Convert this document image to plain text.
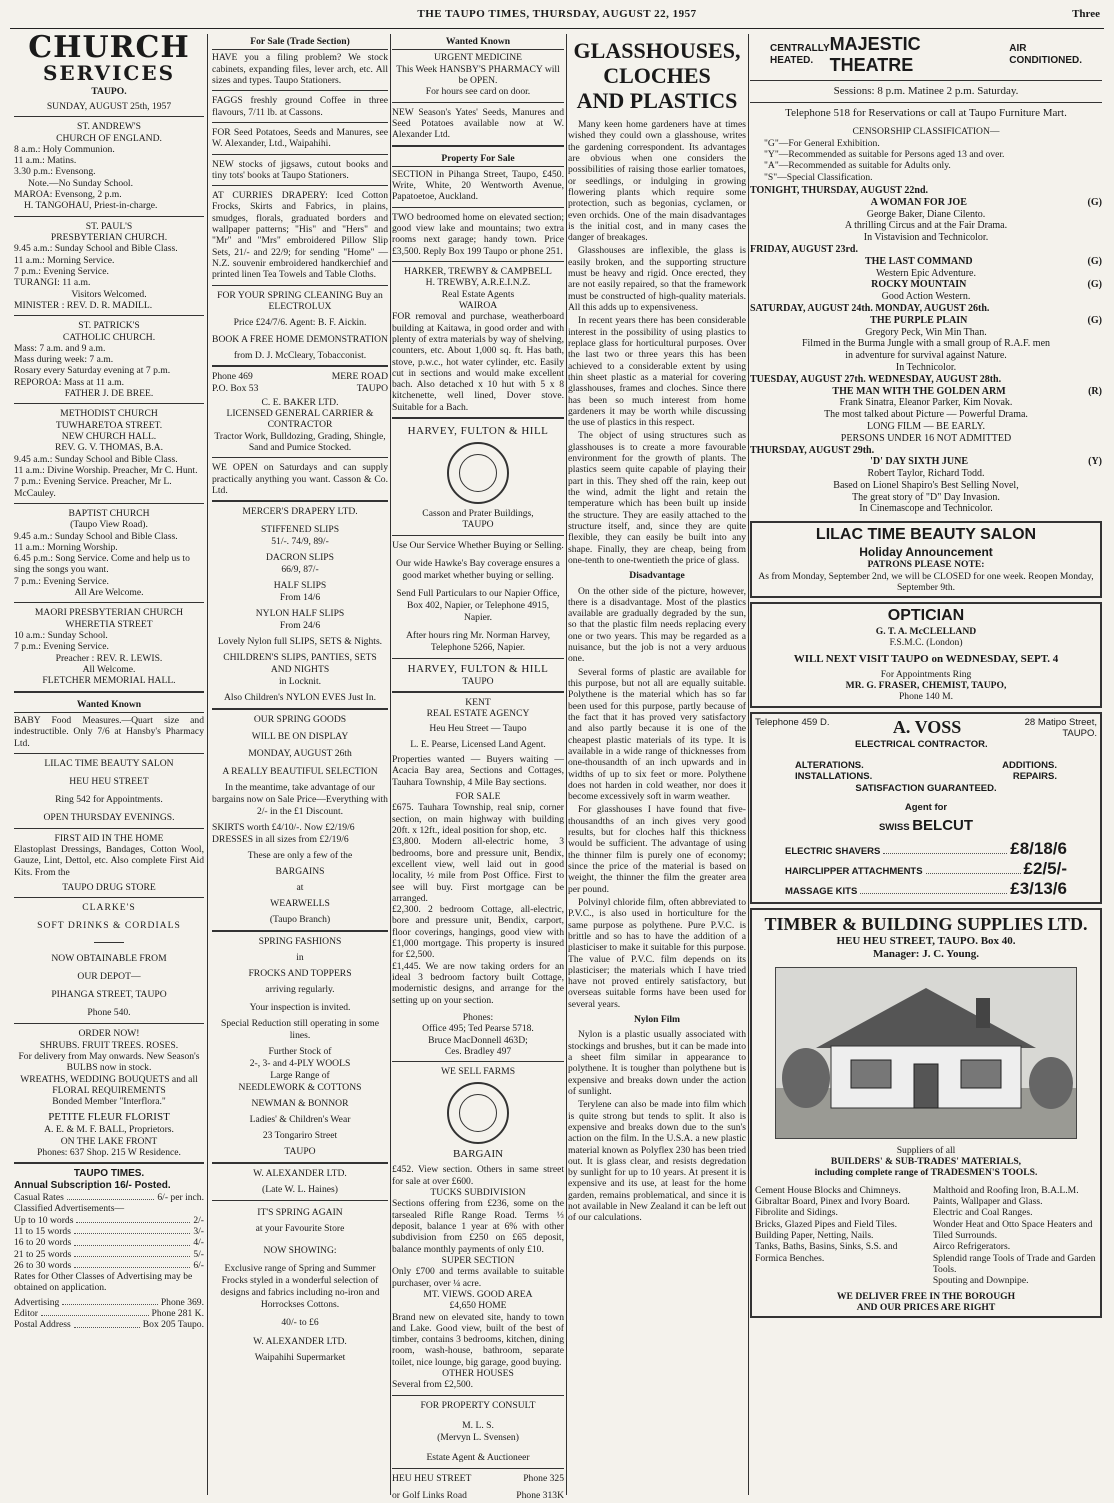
THE TAUPO TIMES, THURSDAY, AUGUST 22, 1957	Three
CHURCH
SERVICES
TAUPO.
SUNDAY, AUGUST 25th, 1957
ST. ANDREW'S
CHURCH OF ENGLAND.
8 a.m.: Holy Communion.
11 a.m.: Matins.
3.30 p.m.: Evensong.
Note.—No Sunday School.
MAROA: Evensong, 2 p.m.
H. TANGOHAU, Priest-in-charge.
ST. PAUL'S
PRESBYTERIAN CHURCH.
9.45 a.m.: Sunday School and Bible Class.
11 a.m.: Morning Service.
7 p.m.: Evening Service.
TURANGI: 11 a.m.
Visitors Welcomed.
MINISTER : REV. D. R. MADILL.
ST. PATRICK'S
CATHOLIC CHURCH.
Mass: 7 a.m. and 9 a.m.
Mass during week: 7 a.m.
Rosary every Saturday evening at 7 p.m.
REPOROA: Mass at 11 a.m.
FATHER J. DE BREE.
METHODIST CHURCH
TUWHARETOA STREET.
NEW CHURCH HALL.
REV. G. V. THOMAS, B.A.
9.45 a.m.: Sunday School and Bible Class.
11 a.m.: Divine Worship. Preacher, Mr C. Hunt.
7 p.m.: Evening Service. Preacher, Mr L. McCauley.
BAPTIST CHURCH
(Taupo View Road).
9.45 a.m.: Sunday School and Bible Class.
11 a.m.: Morning Worship.
6.45 p.m.: Song Service. Come and help us to sing the songs you want.
7 p.m.: Evening Service.
All Are Welcome.
MAORI PRESBYTERIAN CHURCH
WHERETIA STREET
10 a.m.: Sunday School.
7 p.m.: Evening Service.
Preacher : REV. R. LEWIS.
All Welcome.
FLETCHER MEMORIAL HALL.
Wanted Known
BABY Food Measures.—Quart size and indestructible. Only 7/6 at Hansby's Pharmacy Ltd.
LILAC TIME BEAUTY SALON
HEU HEU STREET
Ring 542 for Appointments.
OPEN THURSDAY EVENINGS.
FIRST AID IN THE HOME
Elastoplast Dressings, Bandages, Cotton Wool, Gauze, Lint, Dettol, etc. Also complete First Aid Kits. From the
TAUPO DRUG STORE
CLARKE'S
SOFT DRINKS & CORDIALS
NOW OBTAINABLE FROM
OUR DEPOT—
PIHANGA STREET, TAUPO
Phone 540.
ORDER NOW!
SHRUBS. FRUIT TREES. ROSES.
For delivery from May onwards. New Season's BULBS now in stock.
WREATHS, WEDDING BOUQUETS and all FLORAL REQUIREMENTS
Bonded Member "Interflora."
PETITE FLEUR FLORIST
A. E. & M. F. BALL, Proprietors.
ON THE LAKE FRONT
Phones: 637 Shop. 215 W Residence.
TAUPO TIMES.
Annual Subscription 16/- Posted.
Casual Rates	6/- per inch.
Classified Advertisements—
Up to 10 words	2/-
11 to 15 words	3/-
16 to 20 words	4/-
21 to 25 words	5/-
26 to 30 words	6/-
Rates for Other Classes of Advertising may be obtained on application.
Advertising	Phone 369.
Editor	Phone 281 K.
Postal Address	Box 205 Taupo.
For Sale (Trade Section)
HAVE you a filing problem? We stock cabinets, expanding files, lever arch, etc. All sizes and types. Taupo Stationers.
FAGGS freshly ground Coffee in three flavours, 7/11 lb. at Cassons.
FOR Seed Potatoes, Seeds and Manures, see W. Alexander, Ltd., Waipahihi.
NEW stocks of jigsaws, cutout books and tiny tots' books at Taupo Stationers.
AT CURRIES DRAPERY: Iced Cotton Frocks, Skirts and Fabrics, in plains, smudges, florals, graduated borders and wallpaper patterns; "His" and "Hers" and "Mr" and "Mrs" embroidered Pillow Slip Sets, 21/- and 22/9; for sending "Home" —N.Z. souvenir embroidered handkerchief and printed linen Tea Towels and Table Cloths.
FOR YOUR SPRING CLEANING Buy an ELECTROLUX
Price £24/7/6. Agent: B. F. Aickin.
BOOK A FREE HOME DEMONSTRATION
from D. J. McCleary, Tobacconist.
Phone 469	MERE ROAD
P.O. Box 53	TAUPO
C. E. BAKER LTD.
LICENSED GENERAL CARRIER & CONTRACTOR
Tractor Work, Bulldozing, Grading, Shingle, Sand and Pumice Stocked.
WE OPEN on Saturdays and can supply practically anything you want. Casson & Co. Ltd.
MERCER'S DRAPERY LTD.
STIFFENED SLIPS
51/-. 74/9, 89/-
DACRON SLIPS
66/9, 87/-
HALF SLIPS
From 14/6
NYLON HALF SLIPS
From 24/6
Lovely Nylon full SLIPS, SETS & Nights.
CHILDREN'S SLIPS, PANTIES, SETS AND NIGHTS
in Locknit.
Also Children's NYLON EVES Just In.
OUR SPRING GOODS
WILL BE ON DISPLAY
MONDAY, AUGUST 26th
A REALLY BEAUTIFUL SELECTION
In the meantime, take advantage of our bargains now on Sale Price—Everything with 2/- in the £1 Discount.
SKIRTS worth £4/10/-. Now £2/19/6
DRESSES in all sizes from £2/19/6
These are only a few of the
BARGAINS
at
WEARWELLS
(Taupo Branch)
SPRING FASHIONS
in
FROCKS AND TOPPERS
arriving regularly.
Your inspection is invited.
Special Reduction still operating in some lines.
Further Stock of
2-, 3- and 4-PLY WOOLS
Large Range of
NEEDLEWORK & COTTONS
NEWMAN & BONNOR
Ladies' & Children's Wear
23 Tongariro Street
TAUPO
W. ALEXANDER LTD.
(Late W. L. Haines)
IT'S SPRING AGAIN
at your Favourite Store
NOW SHOWING:
Exclusive range of Spring and Summer Frocks styled in a wonderful selection of designs and fabrics including no-iron and Horrockses Cottons.
40/- to £6
W. ALEXANDER LTD.
Waipahihi Supermarket
Wanted Known
URGENT MEDICINE
This Week HANSBY'S PHARMACY will be OPEN.
For hours see card on door.
NEW Season's Yates' Seeds, Manures and Seed Potatoes available now at W. Alexander Ltd.
Property For Sale
SECTION in Pihanga Street, Taupo, £450. Write, White, 20 Wentworth Avenue, Papatoetoe, Auckland.
TWO bedroomed home on elevated section; good view lake and mountains; two extra rooms next garage; handy town. Price £3,500. Reply Box 199 Taupo or phone 251.
HARKER, TREWBY & CAMPBELL
H. TREWBY, A.R.E.I.N.Z.
Real Estate Agents
WAIROA
FOR removal and purchase, weatherboard building at Kaitawa, in good order and with plenty of extra materials by way of shelving, counters, etc. About 1,000 sq. ft. Has bath, stove, p.w.c., hot water cylinder, etc. Easily cut in sections and would make excellent bach. Also detached x 10 hut with 5 x 8 kitchenette, well lined, Dover stove. Suitable for a Bach.
HARVEY, FULTON & HILL
Casson and Prater Buildings,
TAUPO
Use Our Service Whether Buying or Selling.
Our wide Hawke's Bay coverage ensures a good market whether buying or selling.
Send Full Particulars to our Napier Office, Box 402, Napier, or Telephone 4915, Napier.
After hours ring Mr. Norman Harvey, Telephone 5266, Napier.
HARVEY, FULTON & HILL
TAUPO
KENT
REAL ESTATE AGENCY
Heu Heu Street — Taupo
L. E. Pearse, Licensed Land Agent.
Properties wanted — Buyers waiting — Acacia Bay area, Sections and Cottages, Tauhara Township, 4 Mile Bay sections.
FOR SALE
£675. Tauhara Township, real snip, corner section, on main highway with building 20ft. x 12ft., ideal position for shop, etc.
£3,800. Modern all-electric home, 3 bedrooms, bore and pressure unit, Bendix, excellent view, well laid out in good locality, ½ mile from Post Office. First to see will buy. First mortgage can be arranged.
£2,300. 2 bedroom Cottage, all-electric, bore and pressure unit, Bendix, carport, floor coverings, hangings, good view with £1,000 mortgage. This property is insured for £2,500.
£1,445. We are now taking orders for an ideal 3 bedroom factory built Cottage, modernistic designs, and arrange for the setting up on your section.
Phones:
Office 495; Ted Pearse 5718.
Bruce MacDonnell 463D;
Ces. Bradley 497
WE SELL FARMS
BARGAIN
£452. View section. Others in same street for sale at over £600.
TUCKS SUBDIVISION
Sections offering from £236, some on the tarsealed Rifle Range Road. Terms ⅓ deposit, balance 1 year at 6% with other subdivision from £250 on £65 deposit, balance monthly payments of only £10.
SUPER SECTION
Only £700 and terms available to suitable purchaser, over ¼ acre.
MT. VIEWS. GOOD AREA
£4,650 HOME
Brand new on elevated site, handy to town and Lake. Good view, built of the best of timber, contains 3 bedrooms, kitchen, dining room, wash-house, bathroom, separate toilet, nice lounge, big garage, good buying.
OTHER HOUSES
Several from £2,500.
FOR PROPERTY CONSULT
M. L. S.
(Mervyn L. Svensen)
Estate Agent & Auctioneer
HEU HEU STREET	Phone 325
or Golf Links Road	Phone 313K
GLASSHOUSES,
CLOCHES
AND PLASTICS
Many keen home gardeners have at times wished they could own a glasshouse, writes the gardening correspondent. Its advantages are obvious when one considers the possibilities of raising those earlier tomatoes, or seedlings, or indulging in growing flowering plants which require some protection, such as begonias, cyclamen, or even orchids. One of the main disadvantages is the initial cost, and in many cases the danger of breakages.
Glasshouses are inflexible, the glass is easily broken, and the supporting structure must be heavy and rigid. Once erected, they are not easily repaired, so that the framework must be constructed of high-quality materials. All this adds up to expensiveness.
In recent years there has been considerable interest in the possibility of using plastics to replace glass for horticultural purposes. Over the last two or three years this has been achieved to a considerable extent by using thin sheet plastic as a material for covering glasshouses, frames and cloches. Since there has been so much interest from home gardeners it may be worth while discussing the use of plastics in this respect.
The object of using structures such as glasshouses is to create a more favourable environment for the growth of plants. The plastics seem quite capable of playing their part in this. They shed off the rain, keep out the wind, admit the light and retain the temperature which has been built up inside the structure. They are easily attached to the structure itself, and, since they are quite flexible, they can easily be built into any shape. Finally, they are cheap, being from one-tenth to one-twentieth the price of glass.
Disadvantage
On the other side of the picture, however, there is a disadvantage. Most of the plastics available are gradually degraded by the sun, so that the plastic film needs replacing every one or two years. This may be regarded as a nuisance, but the job is not a very arduous one.
Several forms of plastic are available for this purpose, but not all are equally suitable. Polythene is the material which has so far been used for this purpose, partly because of the fact that it has proved very satisfactory and also partly because it is one of the cheapest plastic materials of its type. It is available in a wide range of thicknesses from one-thousandth of an inch upwards and in widths of up to six feet or more. Polythene does not harden in cold weather, nor does it become excessively soft in warm weather.
For glasshouses I have found that five-thousandths of an inch gives very good results, but for cloches half this thickness would be sufficient. The advantage of using the thinner film is purely one of economy; since the price of the material is based on weight, the thinner the film the greater area per pound.
Polvinyl chloride film, often abbreviated to P.V.C., is also used in horticulture for the same purpose as polythene. Pure P.V.C. is brittle and so has to have the addition of a plasticiser to make it suitable for this purpose. The value of P.V.C. film depends on its plasticiser; the materials which I have tried have not proved entirely satisfactory, but overseas suitable forms have been used for several years.
Nylon Film
Nylon is a plastic usually associated with stockings and brushes, but it can be made into a sheet film similar in appearance to polythene. It is tougher than polythene but is expensive and breaks down under the action of sunlight.
Terylene can also be made into film which is quite strong but tends to split. It also is expensive and breaks down due to the sun's action on the film. In the U.S.A. a new plastic material known as Polyflex 230 has been tried out. It is glass clear, and resists degredation by sunlight for up to 10 years. At present it is expensive and its use, at least for the home garden, remains problematical, and since it is not available in New Zealand it can be left out of our calculations.
CENTRALLY
HEATED.
MAJESTIC THEATRE
AIR
CONDITIONED.
Sessions: 8 p.m. Matinee 2 p.m. Saturday.
Telephone 518 for Reservations or call at Taupo Furniture Mart.
CENSORSHIP CLASSIFICATION—
"G"—For General Exhibition.
"Y"—Recommended as suitable for Persons aged 13 and over.
"A"—Recommended as suitable for Adults only.
"S"—Special Classification.
TONIGHT, THURSDAY, AUGUST 22nd.
A WOMAN FOR JOE	(G)
George Baker, Diane Cilento.
A thrilling Circus and at the Fair Drama.
In Vistavision and Technicolor.
FRIDAY, AUGUST 23rd.
THE LAST COMMAND	(G)
Western Epic Adventure.
ROCKY MOUNTAIN	(G)
Good Action Western.
SATURDAY, AUGUST 24th. MONDAY, AUGUST 26th.
THE PURPLE PLAIN	(G)
Gregory Peck, Win Min Than.
Filmed in the Burma Jungle with a small group of R.A.F. men
in adventure for survival against Nature.
In Technicolor.
TUESDAY, AUGUST 27th. WEDNESDAY, AUGUST 28th.
THE MAN WITH THE GOLDEN ARM	(R)
Frank Sinatra, Eleanor Parker, Kim Novak.
The most talked about Picture — Powerful Drama.
LONG FILM — BE EARLY.
PERSONS UNDER 16 NOT ADMITTED
THURSDAY, AUGUST 29th.
'D' DAY SIXTH JUNE	(Y)
Robert Taylor, Richard Todd.
Based on Lionel Shapiro's Best Selling Novel,
The great story of "D" Day Invasion.
In Cinemascope and Technicolor.
LILAC TIME BEAUTY SALON
Holiday Announcement
PATRONS PLEASE NOTE:
As from Monday, September 2nd, we will be CLOSED for one week. Reopen Monday, September 9th.
OPTICIAN
G. T. A. McCLELLAND
F.S.M.C. (London)
WILL NEXT VISIT TAUPO on WEDNESDAY, SEPT. 4
For Appointments Ring
MR. G. FRASER, CHEMIST, TAUPO,
Phone 140 M.
Telephone 459 D.	A. VOSS	28 Matipo Street,
TAUPO.
ELECTRICAL CONTRACTOR.
ALTERATIONS.	ADDITIONS.
INSTALLATIONS.	REPAIRS.
SATISFACTION GUARANTEED.
Agent for
SWISS BELCUT
ELECTRIC SHAVERS	£8/18/6
HAIRCLIPPER ATTACHMENTS	£2/5/-
MASSAGE KITS	£3/13/6
TIMBER & BUILDING SUPPLIES LTD.
HEU HEU STREET, TAUPO. Box 40.
Manager: J. C. Young.
Suppliers of all
BUILDERS' & SUB-TRADES' MATERIALS,
including complete range of TRADESMEN'S TOOLS.
Cement House Blocks and Chimneys.
Gibraltar Board, Pinex and Ivory Board.
Fibrolite and Sidings.
Bricks, Glazed Pipes and Field Tiles.
Building Paper, Netting, Nails.
Tanks, Baths, Basins, Sinks, S.S. and Formica Benches.
Malthoid and Roofing Iron, B.A.L.M. Paints, Wallpaper and Glass.
Electric and Coal Ranges.
Wonder Heat and Otto Space Heaters and Tiled Surrounds.
Airco Refrigerators.
Splendid range Tools of Trade and Garden Tools.
Spouting and Downpipe.
WE DELIVER FREE IN THE BOROUGH
AND OUR PRICES ARE RIGHT
